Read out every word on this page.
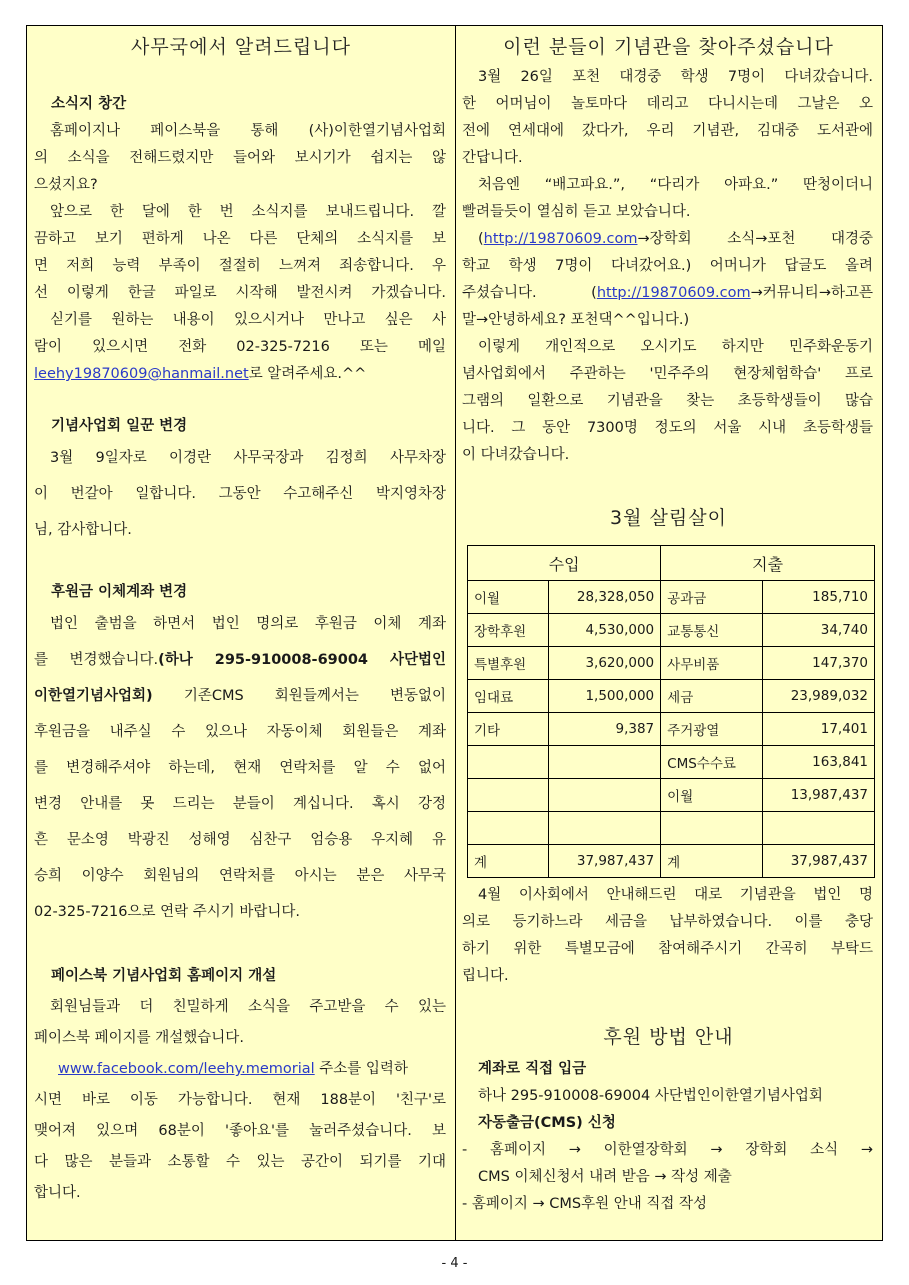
사무국에서 알려드립니다
소식지 창간
홈페이지나 페이스북을 통해 (사)이한열기념사업회
의 소식을 전해드렸지만 들어와 보시기가 쉽지는 않
으셨지요?
앞으로 한 달에 한 번 소식지를 보내드립니다. 깔
끔하고 보기 편하게 나온 다른 단체의 소식지를 보
면 저희 능력 부족이 절절히 느껴져 죄송합니다. 우
선 이렇게 한글 파일로 시작해 발전시켜 가겠습니다.
싣기를 원하는 내용이 있으시거나 만나고 싶은 사
람이 있으시면 전화 02-325-7216 또는 메일
leehy19870609@hanmail.net로 알려주세요.^^
기념사업회 일꾼 변경
3월 9일자로 이경란 사무국장과 김정희 사무차장
이 번갈아 일합니다. 그동안 수고해주신 박지영차장
님, 감사합니다.
후원금 이체계좌 변경
법인 출범을 하면서 법인 명의로 후원금 이체 계좌
를 변경했습니다.(하나 295-910008-69004 사단법인
이한열기념사업회) 기존CMS 회원들께서는 변동없이
후원금을 내주실 수 있으나 자동이체 회원들은 계좌
를 변경해주셔야 하는데, 현재 연락처를 알 수 없어
변경 안내를 못 드리는 분들이 계십니다. 혹시 강정
흔 문소영 박광진 성해영 심찬구 엄승용 우지혜 유
승희 이양수 회원님의 연락처를 아시는 분은 사무국
02-325-7216으로 연락 주시기 바랍니다.
페이스북 기념사업회 홈페이지 개설
회원님들과 더 친밀하게 소식을 주고받을 수 있는
페이스북 페이지를 개설했습니다.
www.facebook.com/leehy.memorial 주소를 입력하
시면 바로 이동 가능합니다. 현재 188분이 '친구'로
맺어져 있으며 68분이 '좋아요'를 눌러주셨습니다. 보
다 많은 분들과 소통할 수 있는 공간이 되기를 기대
합니다.
이런 분들이 기념관을 찾아주셨습니다
3월 26일 포천 대경중 학생 7명이 다녀갔습니다.
한 어머님이 놀토마다 데리고 다니시는데 그날은 오
전에 연세대에 갔다가, 우리 기념관, 김대중 도서관에
간답니다.
처음엔 “배고파요.”, “다리가 아파요.” 딴청이더니
빨려들듯이 열심히 듣고 보았습니다.
(http://19870609.com→장학회 소식→포천 대경중
학교 학생 7명이 다녀갔어요.) 어머니가 답글도 올려
주셨습니다. (http://19870609.com→커뮤니티→하고픈
말→안녕하세요? 포천댁^^입니다.)
이렇게 개인적으로 오시기도 하지만 민주화운동기
념사업회에서 주관하는 '민주주의 현장체험학습' 프로
그램의 일환으로 기념관을 찾는 초등학생들이 많습
니다. 그 동안 7300명 정도의 서울 시내 초등학생들
이 다녀갔습니다.
3월 살림살이
수입		지출	
이월	28,328,050	공과금	185,710
장학후원	4,530,000	교통통신	34,740
특별후원	3,620,000	사무비품	147,370
임대료	1,500,000	세금	23,989,032
기타	9,387	주거광열	17,401
		CMS수수료	163,841
		이월	13,987,437

계	37,987,437	계	37,987,437
4월 이사회에서 안내해드린 대로 기념관을 법인 명
의로 등기하느라 세금을 납부하였습니다. 이를 충당
하기 위한 특별모금에 참여해주시기 간곡히 부탁드
립니다.
후원 방법 안내
계좌로 직접 입금
하나 295-910008-69004 사단법인이한열기념사업회
자동출금(CMS) 신청
- 홈페이지 → 이한열장학회 → 장학회 소식 →
CMS 이체신청서 내려 받음 → 작성 제출
- 홈페이지 → CMS후원 안내 직접 작성
- 4 -
